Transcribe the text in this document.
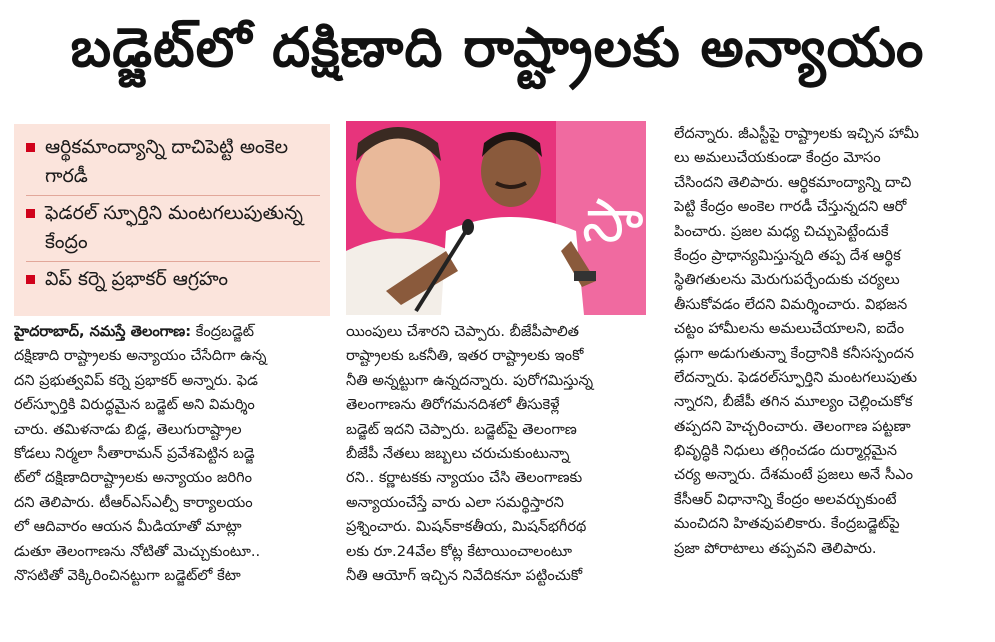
బడ్జెట్‌లో దక్షిణాది రాష్ట్రాలకు అన్యాయం
ఆర్థికమాంద్యాన్ని దాచిపెట్టి అంకెల గారడీ
ఫెడరల్‌ స్ఫూర్తిని మంటగలుపుతున్న కేంద్రం
విప్‌ కర్నె ప్రభాకర్‌ ఆగ్రహం
సా
హైదరాబాద్‌, నమస్తే తెలంగాణ: కేంద్రబడ్జెట్‌
దక్షిణాది రాష్ట్రాలకు అన్యాయం చేసేదిగా ఉన్న
దని ప్రభుత్వవిప్‌ కర్నె ప్రభాకర్‌ అన్నారు. ఫెడ
రల్‌స్ఫూర్తికి విరుద్ధమైన బడ్జెట్‌ అని విమర్శిం
చారు. తమిళనాడు బిడ్డ, తెలుగురాష్ట్రాల
కోడలు నిర్మలా సీతారామన్‌ ప్రవేశపెట్టిన బడ్జె
ట్‌లో దక్షిణాదిరాష్ట్రాలకు అన్యాయం జరిగిం
దని తెలిపారు. టీఆర్‌ఎస్‌ఎల్పీ కార్యాలయం
లో ఆదివారం ఆయన మీడియాతో మాట్లా
డుతూ తెలంగాణను నోటితో మెచ్చుకుంటూ..
నొసటితో వెక్కిరించినట్టుగా బడ్జెట్‌లో కేటా
యింపులు చేశారని చెప్పారు. బీజేపీపాలిత
రాష్ట్రాలకు ఒకనీతి, ఇతర రాష్ట్రాలకు ఇంకో
నీతి అన్నట్టుగా ఉన్నదన్నారు. పురోగమిస్తున్న
తెలంగాణను తిరోగమనదిశలో తీసుకెళ్లే
బడ్జెట్‌ ఇదని చెప్పారు. బడ్జెట్‌పై తెలంగాణ
బీజేపీ నేతలు జబ్బలు చరుచుకుంటున్నా
రని.. కర్ణాటకకు న్యాయం చేసి తెలంగాణకు
అన్యాయంచేస్తే వారు ఎలా సమర్థిస్తారని
ప్రశ్నించారు. మిషన్‌కాకతీయ, మిషన్‌భగీరథ
లకు రూ.24వేల కోట్ల కేటాయించాలంటూ
నీతి ఆయోగ్‌ ఇచ్చిన నివేదికనూ పట్టించుకో
లేదన్నారు. జీఎస్టీపై రాష్ట్రాలకు ఇచ్చిన హామీ
లు అమలుచేయకుండా కేంద్రం మోసం
చేసిందని తెలిపారు. ఆర్థికమాంద్యాన్ని దాచి
పెట్టి కేంద్రం అంకెల గారడీ చేస్తున్నదని ఆరో
పించారు. ప్రజల మధ్య చిచ్చుపెట్టేందుకే
కేంద్రం ప్రాధాన్యమిస్తున్నది తప్ప దేశ ఆర్థిక
స్థితిగతులను మెరుగుపర్చేందుకు చర్యలు
తీసుకోవడం లేదని విమర్శించారు. విభజన
చట్టం హామీలను అమలుచేయాలని, ఐదేం
డ్లుగా అడుగుతున్నా కేంద్రానికి కనీసస్పందన
లేదన్నారు. ఫెడరల్‌స్ఫూర్తిని మంటగలుపుతు
న్నారని, బీజేపీ తగిన మూల్యం చెల్లించుకోక
తప్పదని హెచ్చరించారు. తెలంగాణ పట్టణా
భివృద్ధికి నిధులు తగ్గించడం దుర్మార్గమైన
చర్య అన్నారు. దేశమంటే ప్రజలు అనే సీఎం
కేసీఆర్‌ విధానాన్ని కేంద్రం అలవర్చుకుంటే
మంచిదని హితవుపలికారు. కేంద్రబడ్జెట్‌పై
ప్రజా పోరాటాలు తప్పవని తెలిపారు.
